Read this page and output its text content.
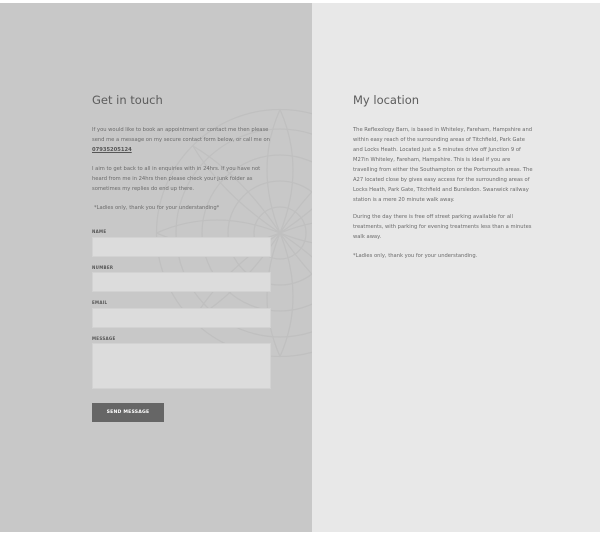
Get in touch

If you would like to book an appointment or contact me then please send me a message on my secure contact form below, or call me on 07935205124

I aim to get back to all in enquiries with in 24hrs. If you have not heard from me in 24hrs then please check your junk folder as sometimes my replies do end up there.

*Ladies only, thank you for your understanding*

NAME
NUMBER
EMAIL
MESSAGE
SEND MESSAGE
My location

The Reflexology Barn, is based in Whiteley, Fareham, Hampshire and within easy reach of the surrounding areas of Titchfield, Park Gate and Locks Heath. Located just a 5 minutes drive off Junction 9 of M27in Whiteley, Fareham, Hampshire. This is ideal if you are travelling from either the Southampton or the Portsmouth areas. The A27 located close by gives easy access for the surrounding areas of Locks Heath, Park Gate, Titchfield and Bursledon. Swanwick railway station is a mere 20 minute walk away.

During the day there is free off street parking available for all treatments, with parking for evening treatments less than a minutes walk away.

*Ladies only, thank you for your understanding.
